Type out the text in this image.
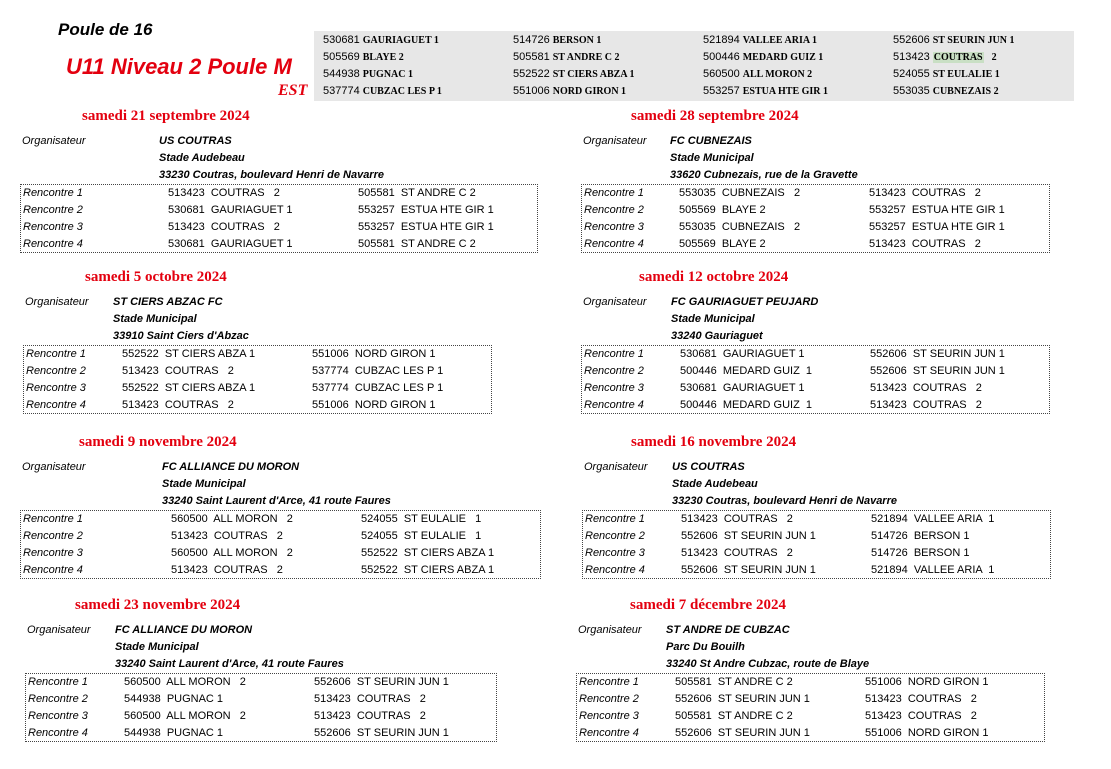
Poule de 16
U11 Niveau 2 Poule M
EST
530681 GAURIAGUET 1	514726 BERSON 1	521894 VALLEE ARIA 1	552606 ST SEURIN JUN 1
505569 BLAYE 2	505581 ST ANDRE C 2	500446 MEDARD GUIZ 1	513423 COUTRAS  2
544938 PUGNAC 1	552522 ST CIERS ABZA 1	560500 ALL MORON 2	524055 ST EULALIE 1
537774 CUBZAC LES P 1	551006 NORD GIRON 1	553257 ESTUA HTE GIR 1	553035 CUBNEZAIS 2
samedi 21 septembre 2024
Organisateur	US COUTRAS
Stade Audebeau
33230 Coutras, boulevard Henri de Navarre
Rencontre 1	513423  COUTRAS   2	505581  ST ANDRE C 2
Rencontre 2	530681  GAURIAGUET 1	553257  ESTUA HTE GIR 1
Rencontre 3	513423  COUTRAS   2	553257  ESTUA HTE GIR 1
Rencontre 4	530681  GAURIAGUET 1	505581  ST ANDRE C 2
samedi 28 septembre 2024
Organisateur FC CUBNEZAIS
Stade Municipal
33620 Cubnezais, rue de la Gravette
Rencontre 1	553035  CUBNEZAIS   2	513423  COUTRAS   2
Rencontre 2	505569  BLAYE 2	553257  ESTUA HTE GIR 1
Rencontre 3	553035  CUBNEZAIS   2	553257  ESTUA HTE GIR 1
Rencontre 4	505569  BLAYE 2	513423  COUTRAS   2
samedi 5 octobre 2024
Organisateur ST CIERS ABZAC FC
Stade Municipal
33910 Saint Ciers d'Abzac
Rencontre 1	552522  ST CIERS ABZA 1	551006  NORD GIRON 1
Rencontre 2	513423  COUTRAS   2	537774  CUBZAC LES P 1
Rencontre 3	552522  ST CIERS ABZA 1	537774  CUBZAC LES P 1
Rencontre 4	513423  COUTRAS   2	551006  NORD GIRON 1
samedi 12 octobre 2024
Organisateur FC GAURIAGUET PEUJARD
Stade Municipal
33240 Gauriaguet
Rencontre 1	530681  GAURIAGUET 1	552606  ST SEURIN JUN 1
Rencontre 2	500446  MEDARD GUIZ  1	552606  ST SEURIN JUN 1
Rencontre 3	530681  GAURIAGUET 1	513423  COUTRAS   2
Rencontre 4	500446  MEDARD GUIZ  1	513423  COUTRAS   2
samedi 9 novembre 2024
Organisateur	FC ALLIANCE DU MORON
Stade Municipal
33240 Saint Laurent d'Arce, 41 route Faures
Rencontre 1	560500  ALL MORON   2	524055  ST EULALIE   1
Rencontre 2	513423  COUTRAS   2	524055  ST EULALIE   1
Rencontre 3	560500  ALL MORON   2	552522  ST CIERS ABZA 1
Rencontre 4	513423  COUTRAS   2	552522  ST CIERS ABZA 1
samedi 16 novembre 2024
Organisateur US COUTRAS
Stade Audebeau
33230 Coutras, boulevard Henri de Navarre
Rencontre 1	513423  COUTRAS   2	521894  VALLEE ARIA  1
Rencontre 2	552606  ST SEURIN JUN 1	514726  BERSON 1
Rencontre 3	513423  COUTRAS   2	514726  BERSON 1
Rencontre 4	552606  ST SEURIN JUN 1	521894  VALLEE ARIA  1
samedi 23 novembre 2024
Organisateur FC ALLIANCE DU MORON
Stade Municipal
33240 Saint Laurent d'Arce, 41 route Faures
Rencontre 1	560500  ALL MORON   2	552606  ST SEURIN JUN 1
Rencontre 2	544938  PUGNAC 1	513423  COUTRAS   2
Rencontre 3	560500  ALL MORON   2	513423  COUTRAS   2
Rencontre 4	544938  PUGNAC 1	552606  ST SEURIN JUN 1
samedi 7 décembre 2024
Organisateur ST ANDRE DE CUBZAC
Parc Du Bouilh
33240 St Andre Cubzac, route de Blaye
Rencontre 1	505581  ST ANDRE C 2	551006  NORD GIRON 1
Rencontre 2	552606  ST SEURIN JUN 1	513423  COUTRAS   2
Rencontre 3	505581  ST ANDRE C 2	513423  COUTRAS   2
Rencontre 4	552606  ST SEURIN JUN 1	551006  NORD GIRON 1
